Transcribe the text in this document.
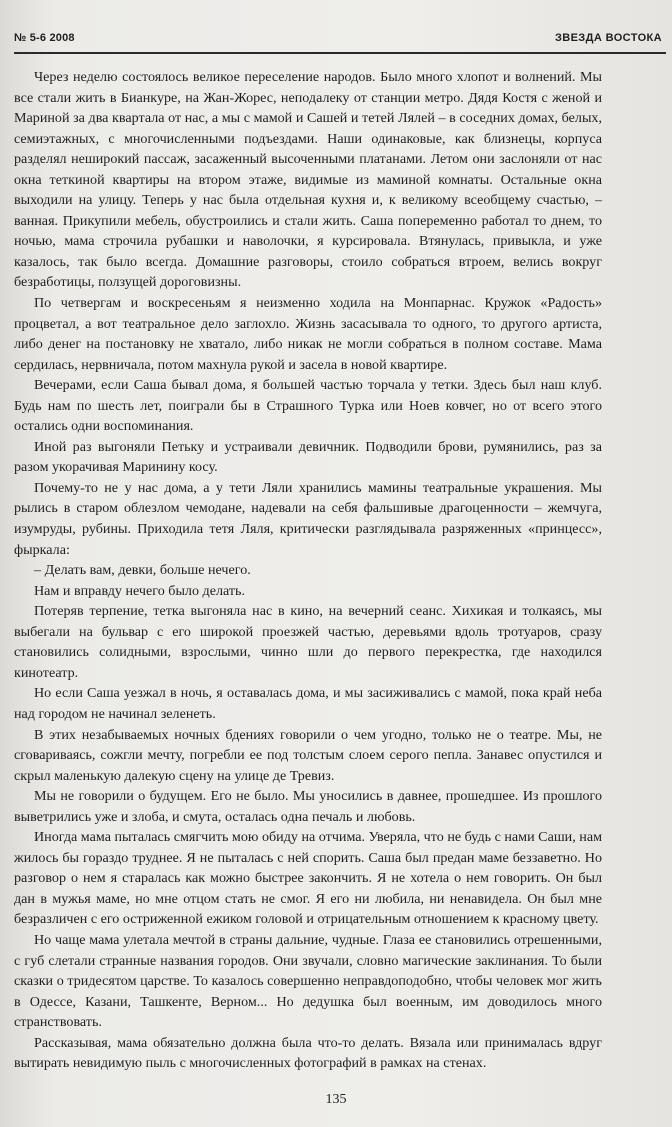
№ 5-6 2008	ЗВЕЗДА ВОСТОКА

Через неделю состоялось великое переселение народов. Было много хлопот и волнений. Мы все стали жить в Бианкуре, на Жан-Жорес, неподалеку от станции метро. Дядя Костя с женой и Мариной за два квартала от нас, а мы с мамой и Сашей и тетей Лялей – в соседних домах, белых, семиэтажных, с многочисленными подъездами. Наши одинаковые, как близнецы, корпуса разделял неширокий пассаж, засаженный высоченными платанами. Летом они заслоняли от нас окна теткиной квартиры на втором этаже, видимые из маминой комнаты. Остальные окна выходили на улицу. Теперь у нас была отдельная кухня и, к великому всеобщему счастью, – ванная. Прикупили мебель, обустроились и стали жить. Саша попеременно работал то днем, то ночью, мама строчила рубашки и наволочки, я курсировала. Втянулась, привыкла, и уже казалось, так было всегда. Домашние разговоры, стоило собраться втроем, велись вокруг безработицы, ползущей дороговизны.

По четвергам и воскресеньям я неизменно ходила на Монпарнас. Кружок «Радость» процветал, а вот театральное дело заглохло. Жизнь засасывала то одного, то другого артиста, либо денег на постановку не хватало, либо никак не могли собраться в полном составе. Мама сердилась, нервничала, потом махнула рукой и засела в новой квартире.

Вечерами, если Саша бывал дома, я большей частью торчала у тетки. Здесь был наш клуб. Будь нам по шесть лет, поиграли бы в Страшного Турка или Ноев ковчег, но от всего этого остались одни воспоминания.

Иной раз выгоняли Петьку и устраивали девичник. Подводили брови, румянились, раз за разом укорачивая Маринину косу.

Почему-то не у нас дома, а у тети Ляли хранились мамины театральные украшения. Мы рылись в старом облезлом чемодане, надевали на себя фальшивые драгоценности – жемчуга, изумруды, рубины. Приходила тетя Ляля, критически разглядывала разряженных «принцесс», фыркала:

– Делать вам, девки, больше нечего.

Нам и вправду нечего было делать.

Потеряв терпение, тетка выгоняла нас в кино, на вечерний сеанс. Хихикая и толкаясь, мы выбегали на бульвар с его широкой проезжей частью, деревьями вдоль тротуаров, сразу становились солидными, взрослыми, чинно шли до первого перекрестка, где находился кинотеатр.

Но если Саша уезжал в ночь, я оставалась дома, и мы засиживались с мамой, пока край неба над городом не начинал зеленеть.

В этих незабываемых ночных бдениях говорили о чем угодно, только не о театре. Мы, не сговариваясь, сожгли мечту, погребли ее под толстым слоем серого пепла. Занавес опустился и скрыл маленькую далекую сцену на улице де Тревиз.

Мы не говорили о будущем. Его не было. Мы уносились в давнее, прошедшее. Из прошлого выветрились уже и злоба, и смута, осталась одна печаль и любовь.

Иногда мама пыталась смягчить мою обиду на отчима. Уверяла, что не будь с нами Саши, нам жилось бы гораздо труднее. Я не пыталась с ней спорить. Саша был предан маме беззаветно. Но разговор о нем я старалась как можно быстрее закончить. Я не хотела о нем говорить. Он был дан в мужья маме, но мне отцом стать не смог. Я его ни любила, ни ненавидела. Он был мне безразличен с его остриженной ежиком головой и отрицательным отношением к красному цвету.

Но чаще мама улетала мечтой в страны дальние, чудные. Глаза ее становились отрешенными, с губ слетали странные названия городов. Они звучали, словно магические заклинания. То были сказки о тридесятом царстве. То казалось совершенно неправдоподобно, чтобы человек мог жить в Одессе, Казани, Ташкенте, Верном... Но дедушка был военным, им доводилось много странствовать.

Рассказывая, мама обязательно должна была что-то делать. Вязала или принималась вдруг вытирать невидимую пыль с многочисленных фотографий в рамках на стенах.

135
